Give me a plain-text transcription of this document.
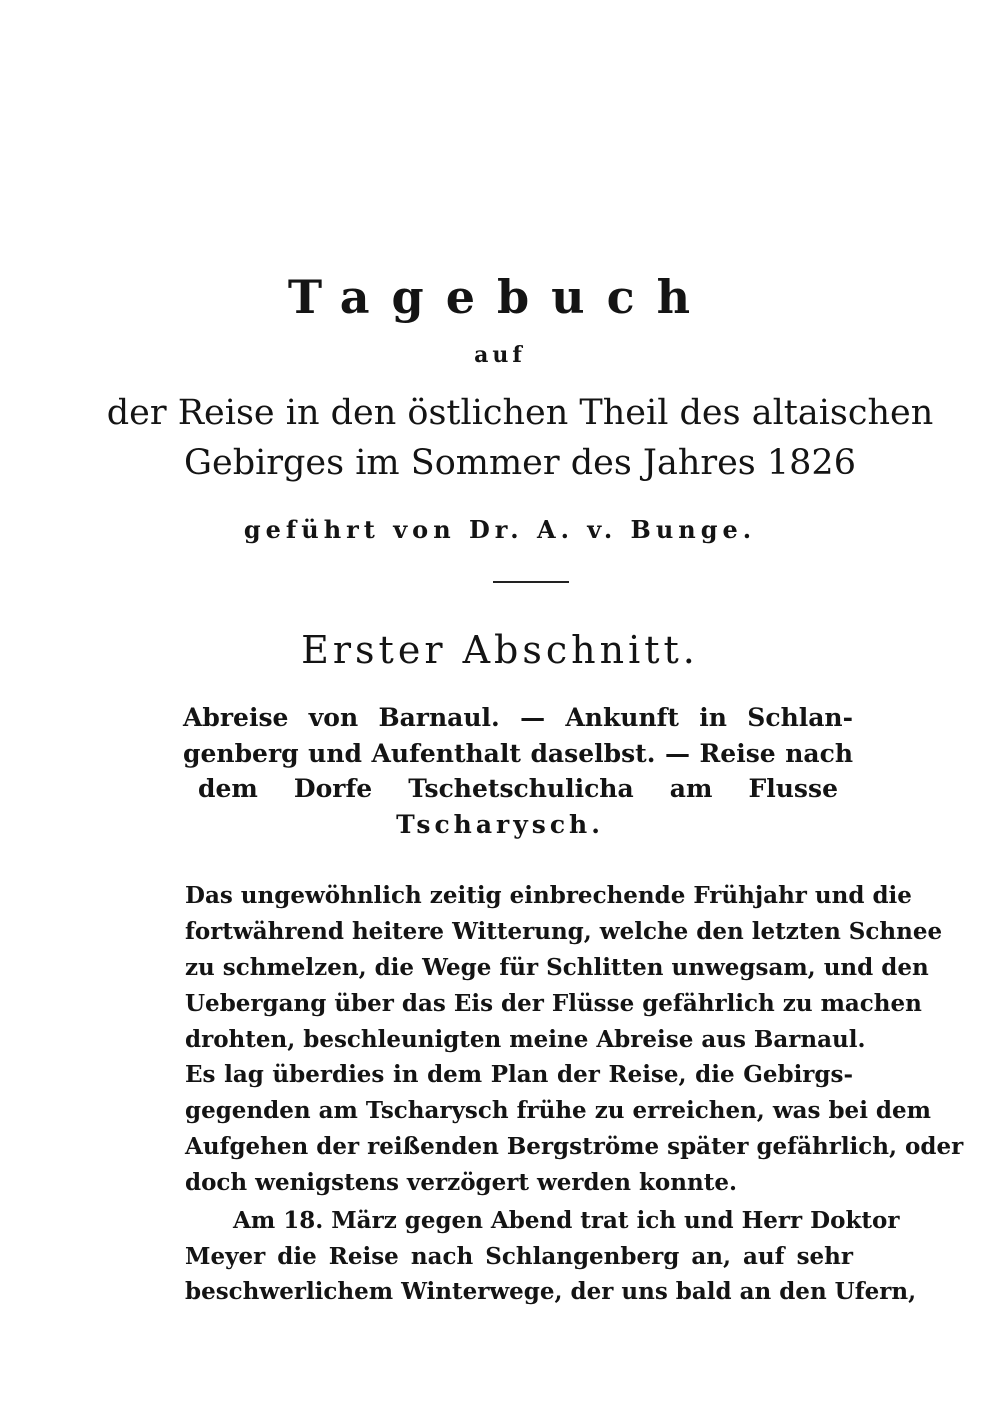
Tagebuch
auf
der Reise in den östlichen Theil des altaischen
Gebirges im Sommer des Jahres 1826
geführt von Dr. A. v. Bunge.
Erster Abschnitt.
Abreise von Barnaul. — Ankunft in Schlan-
genberg und Aufenthalt daselbst. — Reise nach
dem Dorfe Tschetschulicha am Flusse
Tscharysch.
Das ungewöhnlich zeitig einbrechende Frühjahr und die
fortwährend heitere Witterung, welche den letzten Schnee
zu schmelzen, die Wege für Schlitten unwegsam, und den
Uebergang über das Eis der Flüsse gefährlich zu machen
drohten, beschleunigten meine Abreise aus Barnaul.
Es lag überdies in dem Plan der Reise, die Gebirgs-
gegenden am Tscharysch frühe zu erreichen, was bei dem
Aufgehen der reißenden Bergströme später gefährlich, oder
doch wenigstens verzögert werden konnte.
Am 18. März gegen Abend trat ich und Herr Doktor
Meyer die Reise nach Schlangenberg an, auf sehr
beschwerlichem Winterwege, der uns bald an den Ufern,
